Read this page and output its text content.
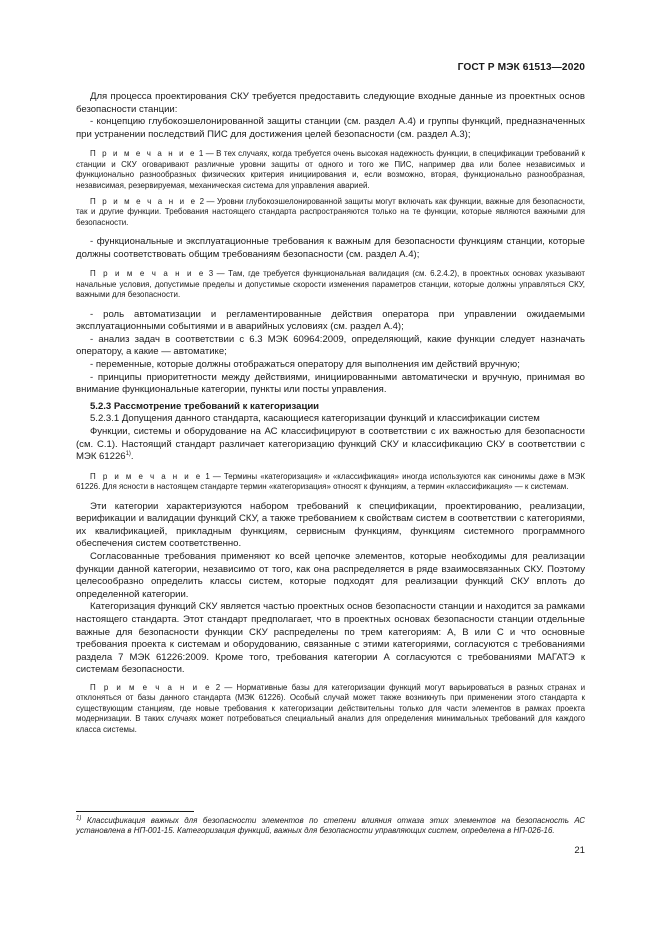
ГОСТ Р МЭК 61513—2020

Для процесса проектирования СКУ требуется предоставить следующие входные данные из проектных основ безопасности станции:

- концепцию глубокоэшелонированной защиты станции (см. раздел А.4) и группы функций, предназначенных при устранении последствий ПИС для достижения целей безопасности (см. раздел А.3);

П р и м е ч а н и е 1 — В тех случаях, когда требуется очень высокая надежность функции, в спецификации требований к станции и СКУ оговаривают различные уровни защиты от одного и того же ПИС, например два или более независимых и функционально разнообразных физических критерия инициирования и, если возможно, вторая, функционально разнообразная, независимая, резервируемая, механическая система для управления аварией.

П р и м е ч а н и е 2 — Уровни глубокоэшелонированной защиты могут включать как функции, важные для безопасности, так и другие функции. Требования настоящего стандарта распространяются только на те функции, которые являются важными для безопасности.

- функциональные и эксплуатационные требования к важным для безопасности функциям станции, которые должны соответствовать общим требованиям безопасности (см. раздел А.4);

П р и м е ч а н и е 3 — Там, где требуется функциональная валидация (см. 6.2.4.2), в проектных основах указывают начальные условия, допустимые пределы и допустимые скорости изменения параметров станции, которые должны управляться СКУ, важными для безопасности.

- роль автоматизации и регламентированные действия оператора при управлении ожидаемыми эксплуатационными событиями и в аварийных условиях (см. раздел А.4);

- анализ задач в соответствии с 6.3 МЭК 60964:2009, определяющий, какие функции следует назначать оператору, а какие — автоматике;

- переменные, которые должны отображаться оператору для выполнения им действий вручную;

- принципы приоритетности между действиями, инициированными автоматически и вручную, принимая во внимание функциональные категории, пункты или посты управления.

5.2.3 Рассмотрение требований к категоризации

5.2.3.1 Допущения данного стандарта, касающиеся категоризации функций и классификации систем

Функции, системы и оборудование на АС классифицируют в соответствии с их важностью для безопасности (см. С.1). Настоящий стандарт различает категоризацию функций СКУ и классификацию СКУ в соответствии с МЭК 61226$^{1)}$.

П р и м е ч а н и е 1 — Термины «категоризация» и «классификация» иногда используются как синонимы даже в МЭК 61226. Для ясности в настоящем стандарте термин «категоризация» относят к функциям, а термин «классификация» — к системам.

Эти категории характеризуются набором требований к спецификации, проектированию, реализации, верификации и валидации функций СКУ, а также требованием к свойствам систем в соответствии с категориями, их квалификацией, прикладным функциям, сервисным функциям, функциям системного программного обеспечения систем соответственно.

Согласованные требования применяют ко всей цепочке элементов, которые необходимы для реализации функции данной категории, независимо от того, как она распределяется в ряде взаимосвязанных СКУ. Поэтому целесообразно определить классы систем, которые подходят для реализации функций СКУ вплоть до определенной категории.

Категоризация функций СКУ является частью проектных основ безопасности станции и находится за рамками настоящего стандарта. Этот стандарт предполагает, что в проектных основах безопасности станции отдельные важные для безопасности функции СКУ распределены по трем категориям: А, В или С и что основные требования проекта к системам и оборудованию, связанные с этими категориями, согласуются с требованиями раздела 7 МЭК 61226:2009. Кроме того, требования категории А согласуются с требованиями МАГАТЭ к системам безопасности.

П р и м е ч а н и е 2 — Нормативные базы для категоризации функций могут варьироваться в разных странах и отклоняться от базы данного стандарта (МЭК 61226). Особый случай может также возникнуть при применении этого стандарта к существующим станциям, где новые требования к категоризации действительны только для части элементов в рамках проекта модернизации. В таких случаях может потребоваться специальный анализ для определения минимальных требований для каждого класса системы.

$^{1)}$ Классификация важных для безопасности элементов по степени влияния отказа этих элементов на безопасность АС установлена в НП-001-15. Категоризация функций, важных для безопасности управляющих систем, определена в НП-026-16.

21
